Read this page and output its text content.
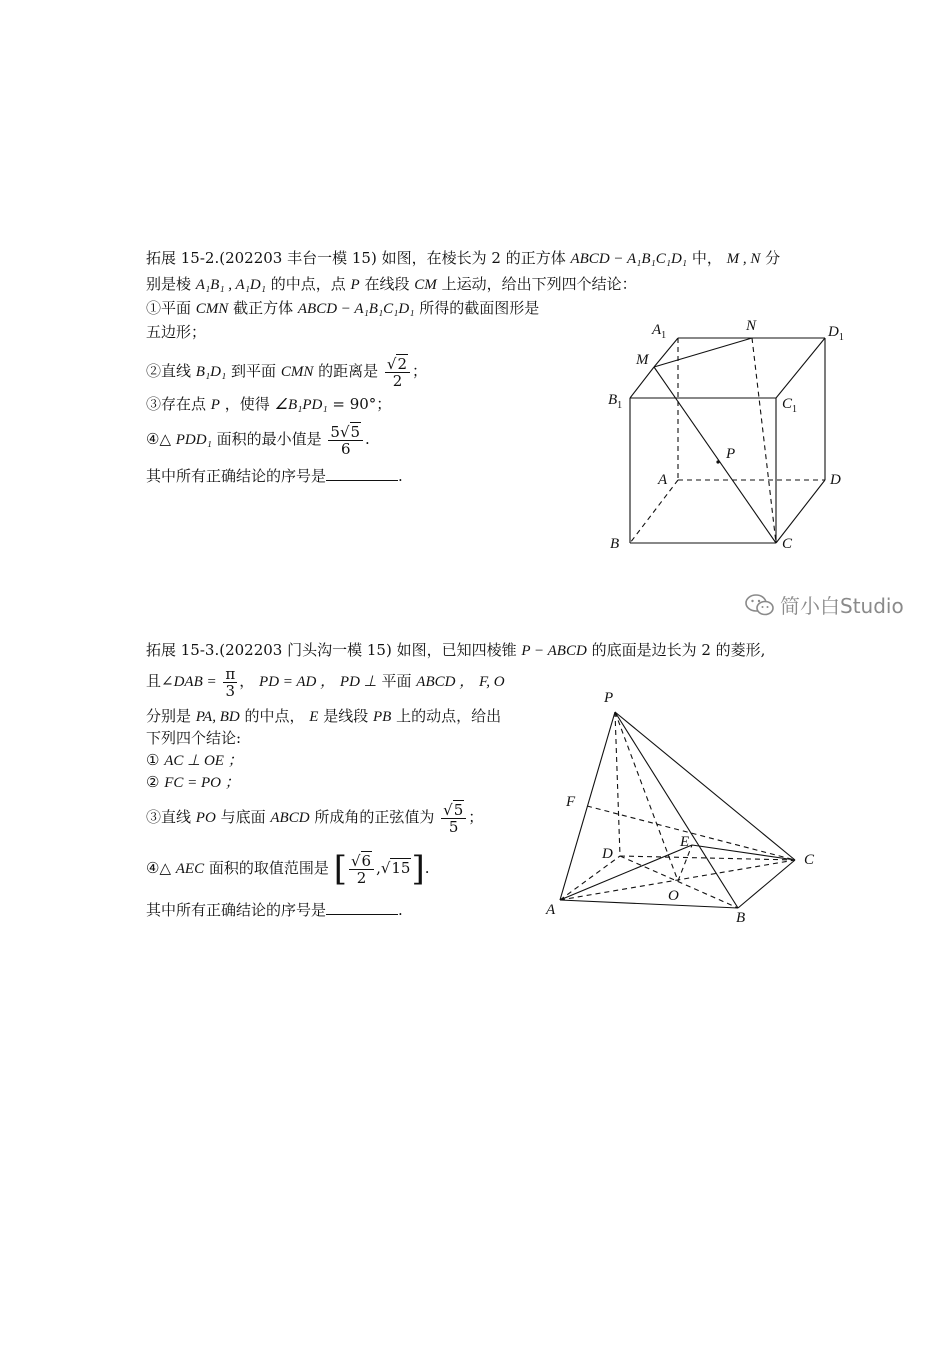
拓展 15-2.(202203 丰台一模 15) 如图，在棱长为 2 的正方体 ABCD − A₁B₁C₁D₁ 中， M , N 分
别是棱 A₁B₁ , A₁D₁ 的中点，点 P 在线段 CM 上运动，给出下列四个结论：
①平面 CMN 截正方体 ABCD − A₁B₁C₁D₁ 所得的截面图形是
五边形；
②直线 B₁D₁ 到平面 CMN 的距离是 $\frac{√2}{2}$ ；
③存在点 P ，使得 ∠B₁PD₁ = 90°；
④△ PDD₁ 面积的最小值是 $\frac{5√5}{6}$ .
其中所有正确结论的序号是	.
$A_1$
N	$D_1$
M
$B_1$	$C_1$
P
A	D
B	C
拓展 15-3.(202203 门头沟一模 15) 如图，已知四棱锥 P − ABCD 的底面是边长为 2 的菱形,
且∠DAB = $\frac{\pi}{3}$ ， PD = AD ， PD ⊥ 平面 ABCD ， F, O
分别是 PA, BD 的中点， E 是线段 PB 上的动点，给出
下列四个结论:
① AC ⊥ OE ；
② FC = PO ；
③直线 PO 与底面 ABCD 所成角的正弦值为 $\frac{√5}{5}$ ；
④△ AEC 面积的取值范围是 [ $\frac{√6}{2} ,√15$].
其中所有正确结论的序号是	.
P
F
D
E
C
O
A	B
简小白Studio
